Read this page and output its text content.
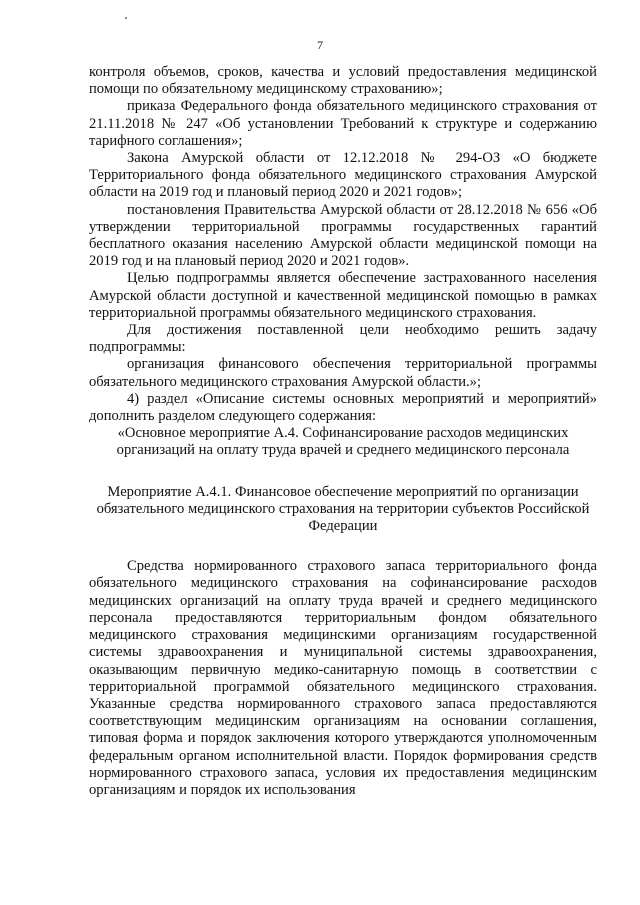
7

контроля объемов, сроков, качества и условий предоставления медицинской помощи по обязательному медицинскому страхованию»;

приказа Федерального фонда обязательного медицинского страхования от 21.11.2018 № 247 «Об установлении Требований к структуре и содержанию тарифного соглашения»;

Закона Амурской области от 12.12.2018 № 294-ОЗ «О бюджете Территориального фонда обязательного медицинского страхования Амурской области на 2019 год и плановый период 2020 и 2021 годов»;

постановления Правительства Амурской области от 28.12.2018 № 656 «Об утверждении территориальной программы государственных гарантий бесплатного оказания населению Амурской области медицинской помощи на 2019 год и на плановый период 2020 и 2021 годов».

Целью подпрограммы является обеспечение застрахованного населения Амурской области доступной и качественной медицинской помощью в рамках территориальной программы обязательного медицинского страхования.

Для достижения поставленной цели необходимо решить задачу подпрограммы:

организация финансового обеспечения территориальной программы обязательного медицинского страхования Амурской области.»;

4) раздел «Описание системы основных мероприятий и мероприятий» дополнить разделом следующего содержания:

«Основное мероприятие А.4. Софинансирование расходов медицинских организаций на оплату труда врачей и среднего медицинского персонала

Мероприятие А.4.1. Финансовое обеспечение мероприятий по организации обязательного медицинского страхования на территории субъектов Российской Федерации

Средства нормированного страхового запаса территориального фонда обязательного медицинского страхования на софинансирование расходов медицинских организаций на оплату труда врачей и среднего медицинского персонала предоставляются территориальным фондом обязательного медицинского страхования медицинскими организациям государственной системы здравоохранения и муниципальной системы здравоохранения, оказывающим первичную медико-санитарную помощь в соответствии с территориальной программой обязательного медицинского страхования. Указанные средства нормированного страхового запаса предоставляются соответствующим медицинским организациям на основании соглашения, типовая форма и порядок заключения которого утверждаются уполномоченным федеральным органом исполнительной власти. Порядок формирования средств нормированного страхового запаса, условия их предоставления медицинским организациям и порядок их использования
